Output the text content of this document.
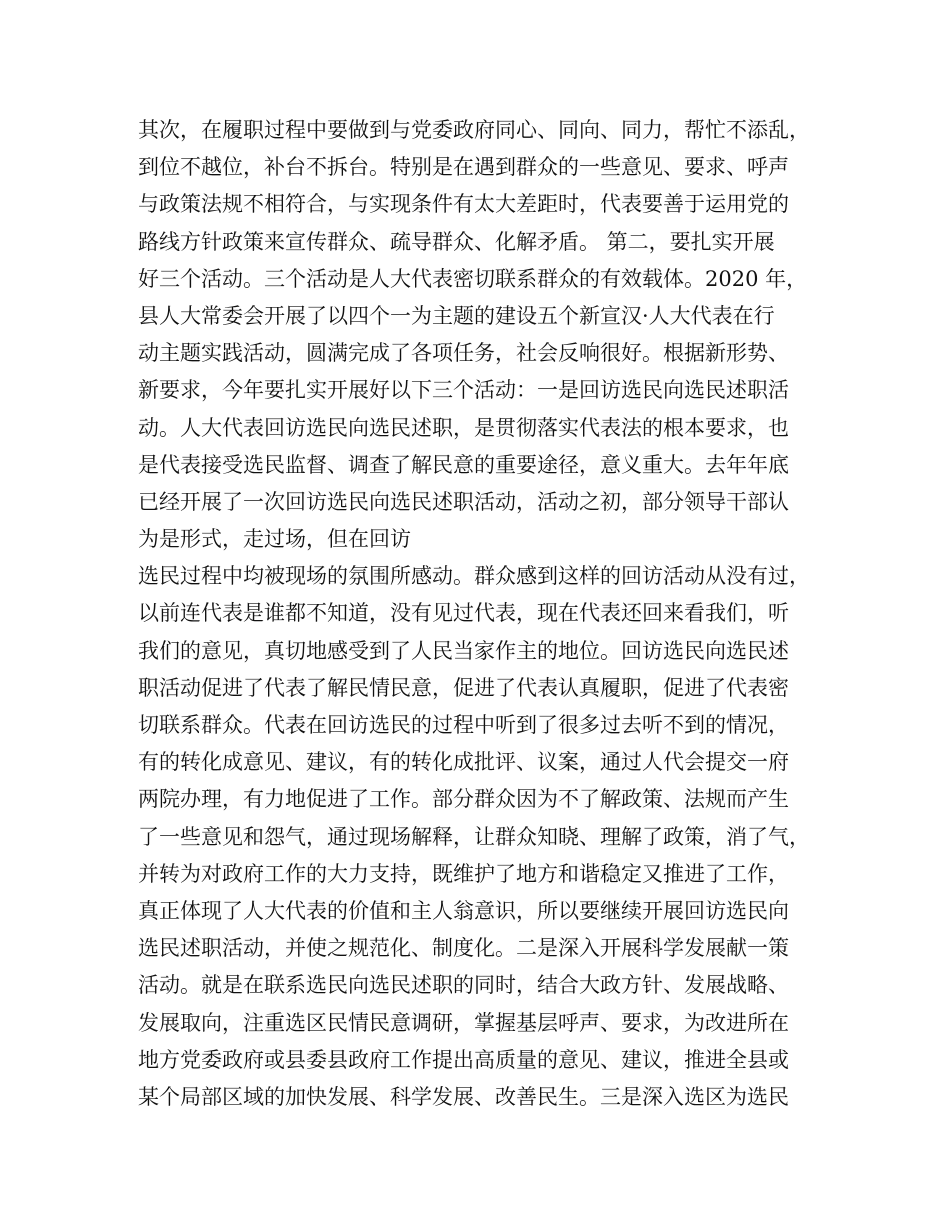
其次，在履职过程中要做到与党委政府同心、同向、同力，帮忙不添乱，
到位不越位，补台不拆台。特别是在遇到群众的一些意见、要求、呼声
与政策法规不相符合，与实现条件有太大差距时，代表要善于运用党的
路线方针政策来宣传群众、疏导群众、化解矛盾。 第二，要扎实开展
好三个活动。三个活动是人大代表密切联系群众的有效载体。2020 年，
县人大常委会开展了以四个一为主题的建设五个新宣汉·人大代表在行
动主题实践活动，圆满完成了各项任务，社会反响很好。根据新形势、
新要求，今年要扎实开展好以下三个活动：一是回访选民向选民述职活
动。人大代表回访选民向选民述职，是贯彻落实代表法的根本要求，也
是代表接受选民监督、调查了解民意的重要途径，意义重大。去年年底
已经开展了一次回访选民向选民述职活动，活动之初，部分领导干部认
为是形式，走过场，但在回访
选民过程中均被现场的氛围所感动。群众感到这样的回访活动从没有过，
以前连代表是谁都不知道，没有见过代表，现在代表还回来看我们，听
我们的意见，真切地感受到了人民当家作主的地位。回访选民向选民述
职活动促进了代表了解民情民意，促进了代表认真履职，促进了代表密
切联系群众。代表在回访选民的过程中听到了很多过去听不到的情况，
有的转化成意见、建议，有的转化成批评、议案，通过人代会提交一府
两院办理，有力地促进了工作。部分群众因为不了解政策、法规而产生
了一些意见和怨气，通过现场解释，让群众知晓、理解了政策，消了气，
并转为对政府工作的大力支持，既维护了地方和谐稳定又推进了工作，
真正体现了人大代表的价值和主人翁意识，所以要继续开展回访选民向
选民述职活动，并使之规范化、制度化。二是深入开展科学发展献一策
活动。就是在联系选民向选民述职的同时，结合大政方针、发展战略、
发展取向，注重选区民情民意调研，掌握基层呼声、要求，为改进所在
地方党委政府或县委县政府工作提出高质量的意见、建议，推进全县或
某个局部区域的加快发展、科学发展、改善民生。三是深入选区为选民
